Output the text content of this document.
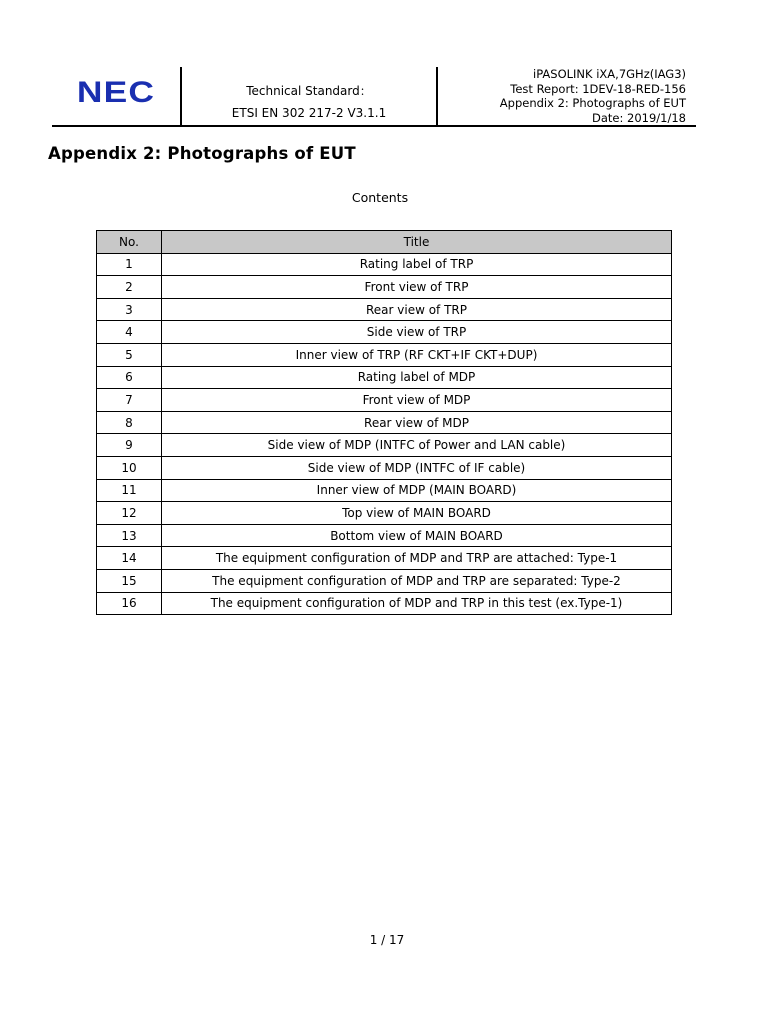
NEC	Technical Standard：
ETSI EN 302 217-2 V3.1.1
iPASOLINK iXA,7GHz(IAG3)
Test Report: 1DEV-18-RED-156
Appendix 2: Photographs of EUT
Date: 2019/1/18
Appendix 2: Photographs of EUT
Contents
No.	Title
1	Rating label of TRP
2	Front view of TRP
3	Rear view of TRP
4	Side view of TRP
5	Inner view of TRP (RF CKT+IF CKT+DUP)
6	Rating label of MDP
7	Front view of MDP
8	Rear view of MDP
9	Side view of MDP (INTFC of Power and LAN cable)
10	Side view of MDP (INTFC of IF cable)
11	Inner view of MDP (MAIN BOARD)
12	Top view of MAIN BOARD
13	Bottom view of MAIN BOARD
14	The equipment configuration of MDP and TRP are attached: Type-1
15	The equipment configuration of MDP and TRP are separated: Type-2
16	The equipment configuration of MDP and TRP in this test (ex.Type-1)
1 / 17
